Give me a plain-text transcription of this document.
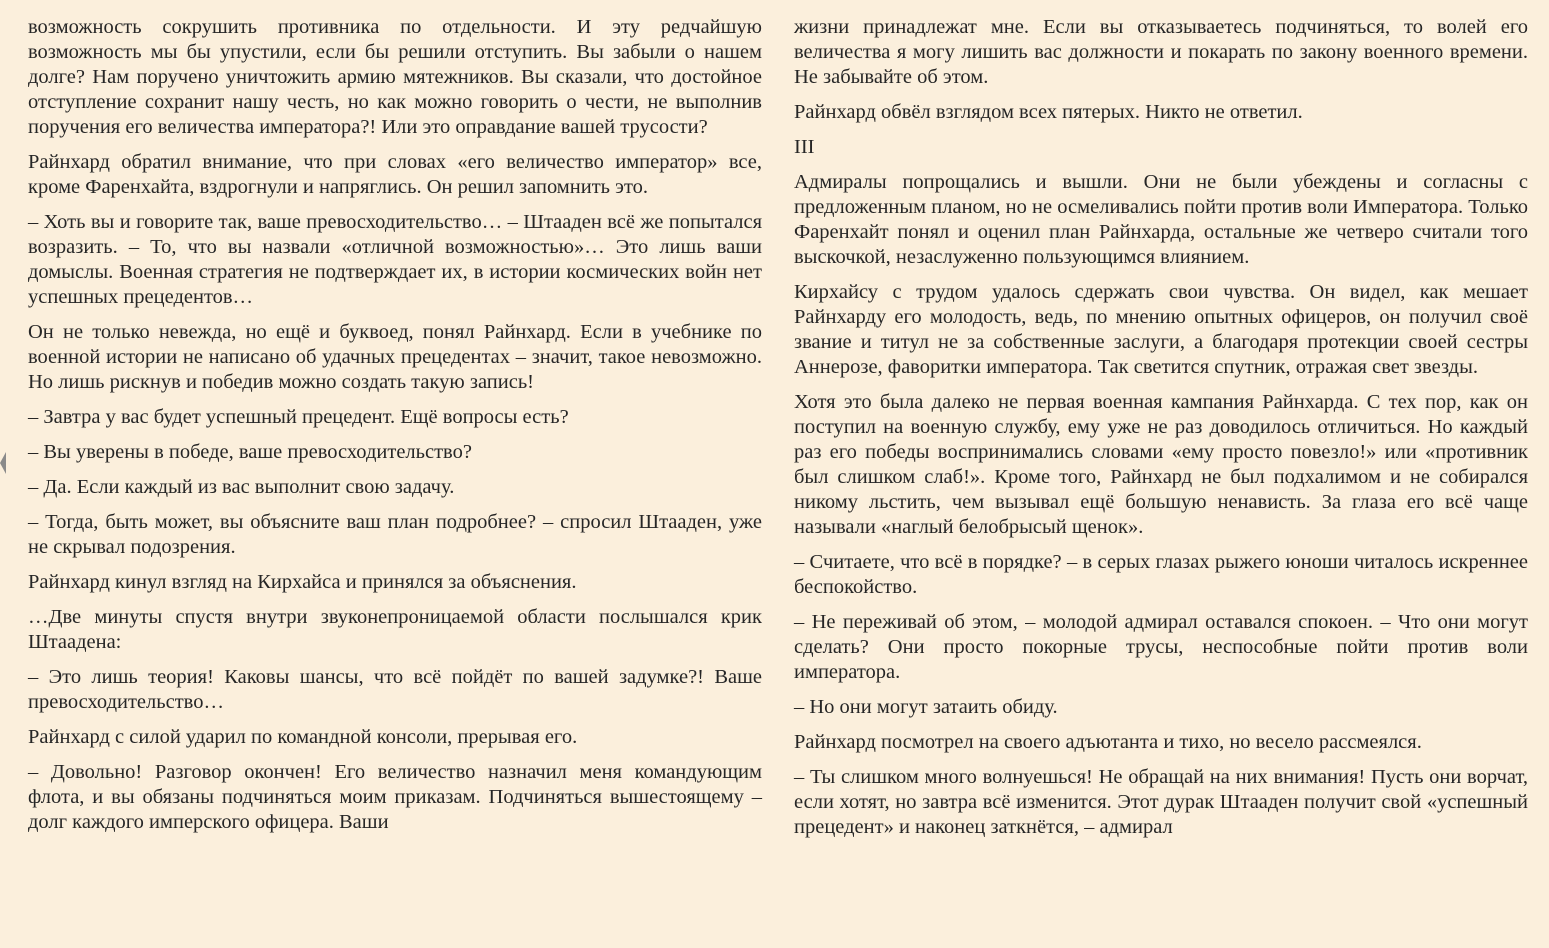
возможность сокрушить противника по отдельности. И эту редчайшую возможность мы бы упустили, если бы решили отступить. Вы забыли о нашем долге? Нам поручено уничтожить армию мятежников. Вы сказали, что достойное отступление сохранит нашу честь, но как можно говорить о чести, не выполнив поручения его величества императора?! Или это оправдание вашей трусости?

Райнхард обратил внимание, что при словах «его величество император» все, кроме Фаренхайта, вздрогнули и напряглись. Он решил запомнить это.

– Хоть вы и говорите так, ваше превосходительство… – Штааден всё же попытался возразить. – То, что вы назвали «отличной возможностью»… Это лишь ваши домыслы. Военная стратегия не подтверждает их, в истории космических войн нет успешных прецедентов…

Он не только невежда, но ещё и буквоед, понял Райнхард. Если в учебнике по военной истории не написано об удачных прецедентах – значит, такое невозможно. Но лишь рискнув и победив можно создать такую запись!

– Завтра у вас будет успешный прецедент. Ещё вопросы есть?

– Вы уверены в победе, ваше превосходительство?

– Да. Если каждый из вас выполнит свою задачу.

– Тогда, быть может, вы объясните ваш план подробнее? – спросил Штааден, уже не скрывал подозрения.

Райнхард кинул взгляд на Кирхайса и принялся за объяснения.

…Две минуты спустя внутри звуконепроницаемой области послышался крик Штаадена:

– Это лишь теория! Каковы шансы, что всё пойдёт по вашей задумке?! Ваше превосходительство…

Райнхард с силой ударил по командной консоли, прерывая его.

– Довольно! Разговор окончен! Его величество назначил меня командующим флота, и вы обязаны подчиняться моим приказам. Подчиняться вышестоящему – долг каждого имперского офицера. Ваши

жизни принадлежат мне. Если вы отказываетесь подчиняться, то волей его величества я могу лишить вас должности и покарать по закону военного времени. Не забывайте об этом.

Райнхард обвёл взглядом всех пятерых. Никто не ответил.

III

Адмиралы попрощались и вышли. Они не были убеждены и согласны с предложенным планом, но не осмеливались пойти против воли Императора. Только Фаренхайт понял и оценил план Райнхарда, остальные же четверо считали того выскочкой, незаслуженно пользующимся влиянием.

Кирхайсу с трудом удалось сдержать свои чувства. Он видел, как мешает Райнхарду его молодость, ведь, по мнению опытных офицеров, он получил своё звание и титул не за собственные заслуги, а благодаря протекции своей сестры Аннерозе, фаворитки императора. Так светится спутник, отражая свет звезды.

Хотя это была далеко не первая военная кампания Райнхарда. С тех пор, как он поступил на военную службу, ему уже не раз доводилось отличиться. Но каждый раз его победы воспринимались словами «ему просто повезло!» или «противник был слишком слаб!». Кроме того, Райнхард не был подхалимом и не собирался никому льстить, чем вызывал ещё большую ненависть. За глаза его всё чаще называли «наглый белобрысый щенок».

– Считаете, что всё в порядке? – в серых глазах рыжего юноши читалось искреннее беспокойство.

– Не переживай об этом, – молодой адмирал оставался спокоен. – Что они могут сделать? Они просто покорные трусы, неспособные пойти против воли императора.

– Но они могут затаить обиду.

Райнхард посмотрел на своего адъютанта и тихо, но весело рассмеялся.

– Ты слишком много волнуешься! Не обращай на них внимания! Пусть они ворчат, если хотят, но завтра всё изменится. Этот дурак Штааден получит свой «успешный прецедент» и наконец заткнётся, – адмирал
